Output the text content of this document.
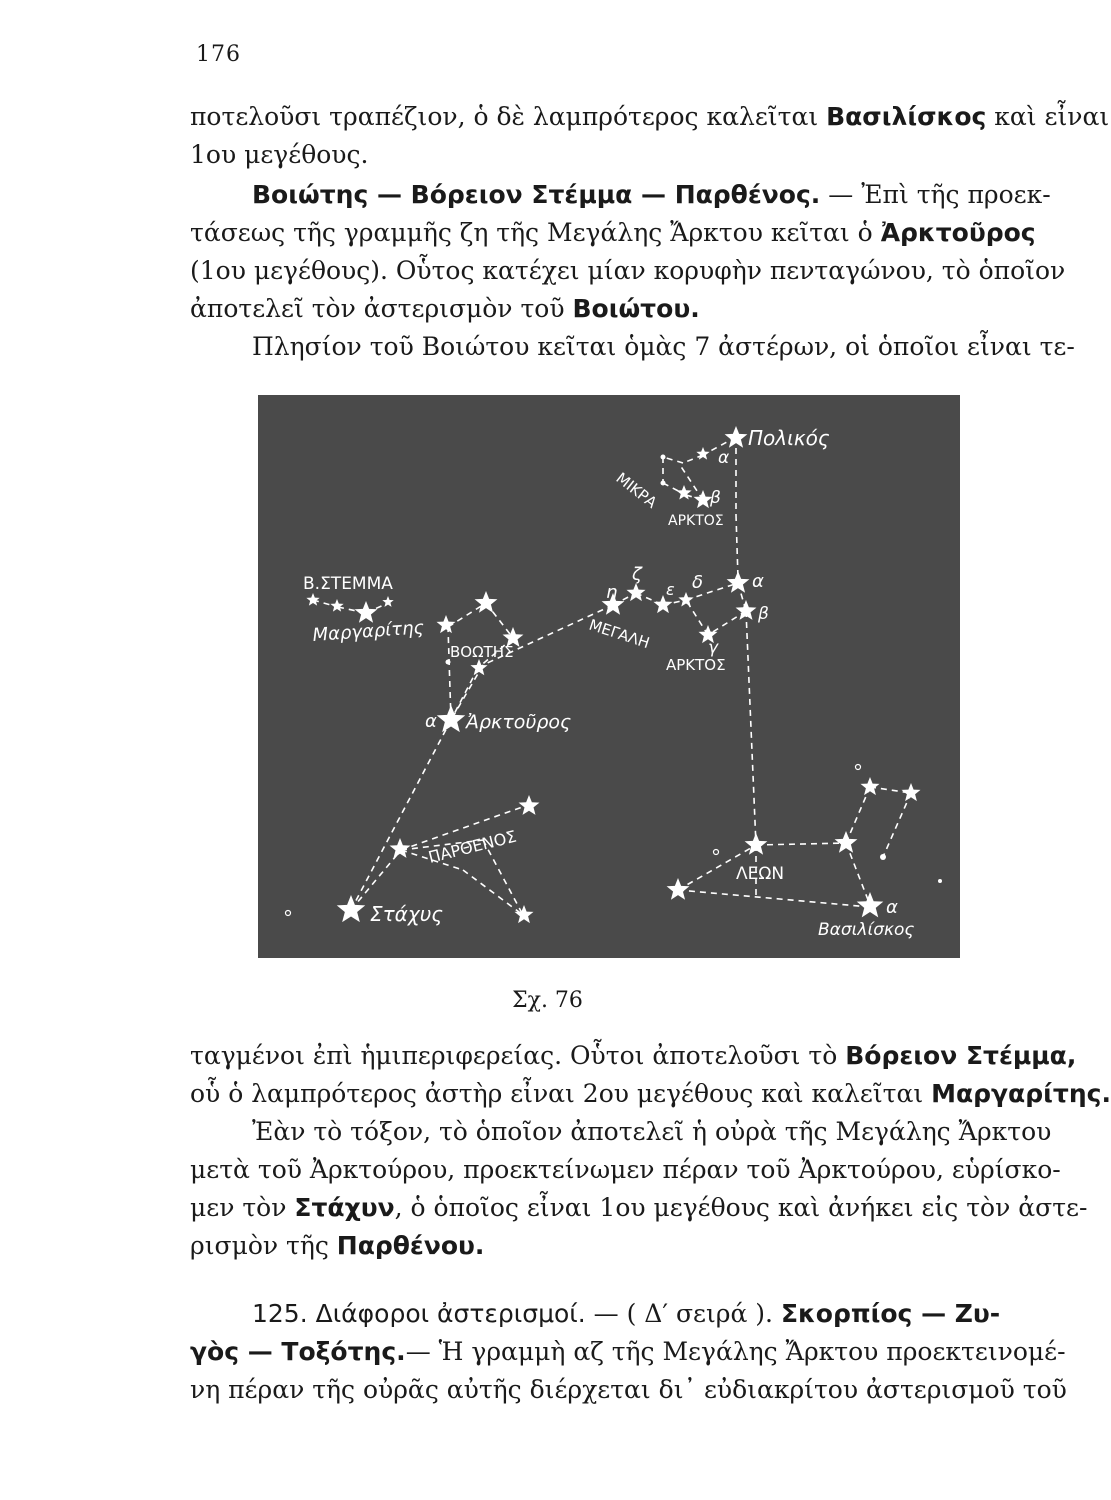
176
ποτελοῦσι τραπέζιον, ὁ δὲ λαμπρότερος καλεῖται Βασιλίσκος καὶ εἶναι
1ου μεγέθους.
Βοιώτης — Βόρειον Στέμμα — Παρθένος. — Ἐπὶ τῆς προεκ-
τάσεως τῆς γραμμῆς ζη τῆς Μεγάλης Ἄρκτου κεῖται ὁ Ἀρκτοῦρος
(1ου μεγέθους). Οὗτος κατέχει μίαν κορυφὴν πενταγώνου, τὸ ὁποῖον
ἀποτελεῖ τὸν ἀστερισμὸν τοῦ Βοιώτου.
Πλησίον τοῦ Βοιώτου κεῖται ὁμὰς 7 ἀστέρων, οἱ ὁποῖοι εἶναι τε-
Πολικός
α
β
ΜΙΚΡΑ
ΑΡΚΤΟΣ
Β.ΣΤΕΜΜΑ
Μαργαρίτης
ΒΟΩΤΗΣ
η
ζ
ε δ	α
β
γ
ΜΕΓΑΛΗ
ΑΡΚΤΟΣ
α Ἀρκτοῦρος
ΠΑΡΘΕΝΟΣ
Στάχυς
ΛΕΩΝ
α
Βασιλίσκος
Σχ. 76
ταγμένοι ἐπὶ ἡμιπεριφερείας. Οὗτοι ἀποτελοῦσι τὸ Βόρειον Στέμμα,
οὗ ὁ λαμπρότερος ἀστὴρ εἶναι 2ου μεγέθους καὶ καλεῖται Μαργαρίτης.
Ἐὰν τὸ τόξον, τὸ ὁποῖον ἀποτελεῖ ἡ οὐρὰ τῆς Μεγάλης Ἄρκτου
μετὰ τοῦ Ἀρκτούρου, προεκτείνωμεν πέραν τοῦ Ἀρκτούρου, εὑρίσκο-
μεν τὸν Στάχυν, ὁ ὁποῖος εἶναι 1ου μεγέθους καὶ ἀνήκει εἰς τὸν ἀστε-
ρισμὸν τῆς Παρθένου.
125. Διάφοροι ἀστερισμοί. — ( Δ′ σειρά ). Σκορπίος — Ζυ-
γὸς — Τοξότης.— Ἡ γραμμὴ αζ τῆς Μεγάλης Ἄρκτου προεκτεινομέ-
νη πέραν τῆς οὐρᾶς αὐτῆς διέρχεται δι᾽ εὐδιακρίτου ἀστερισμοῦ τοῦ
